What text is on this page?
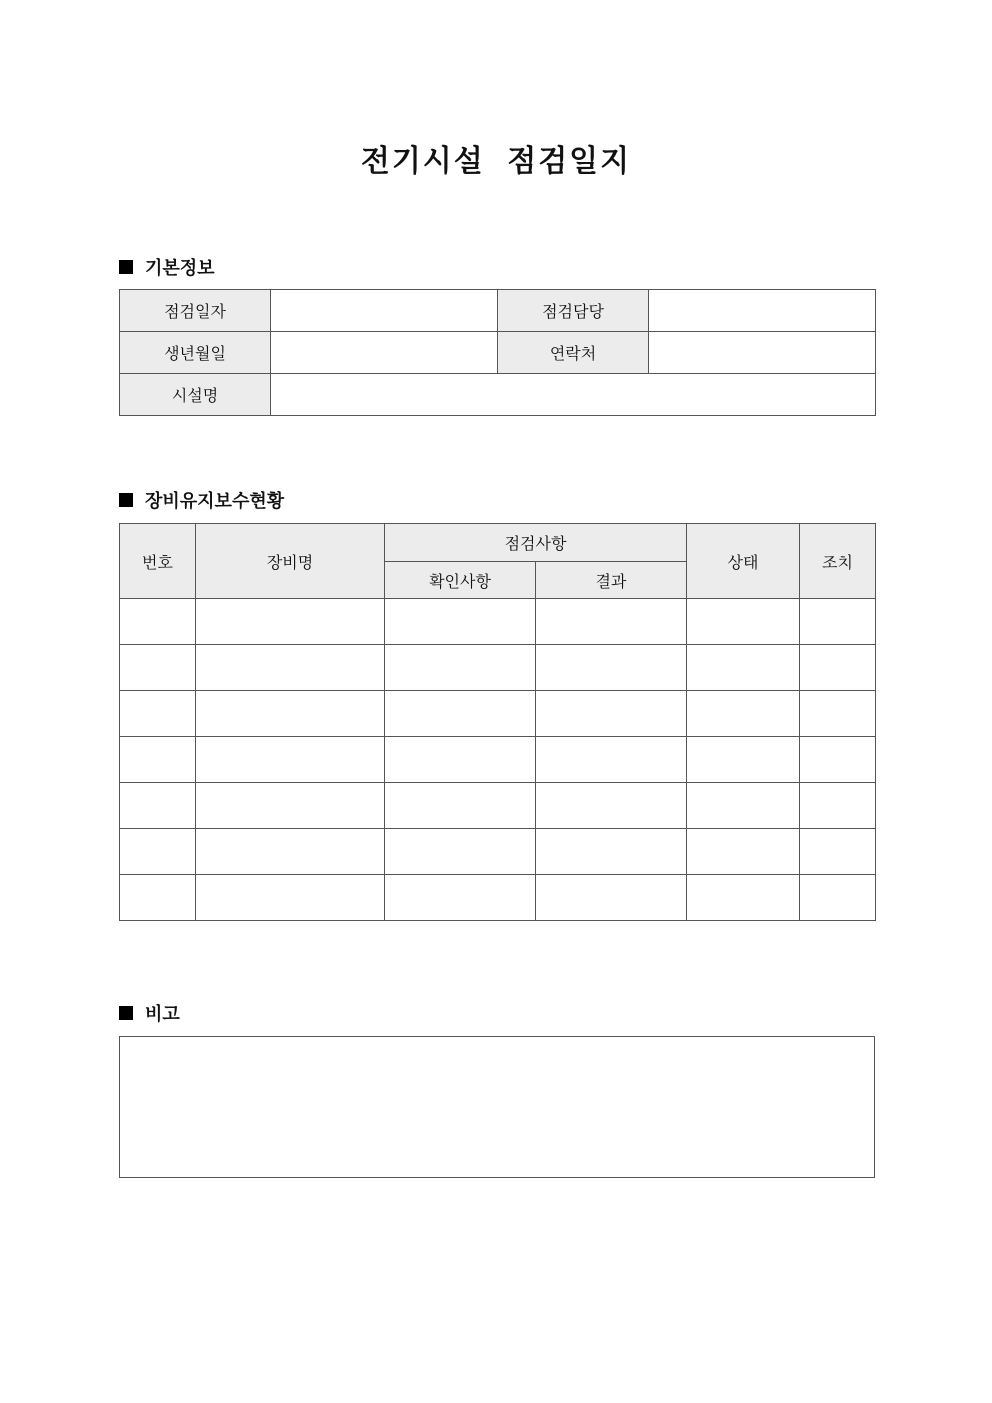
전기시설 점검일지
기본정보
점검일자		점검담당	
생년월일		연락처	
시설명			
장비유지보수현황
번호	장비명	점검사항		상태	조치
		확인사항	결과		

비고
